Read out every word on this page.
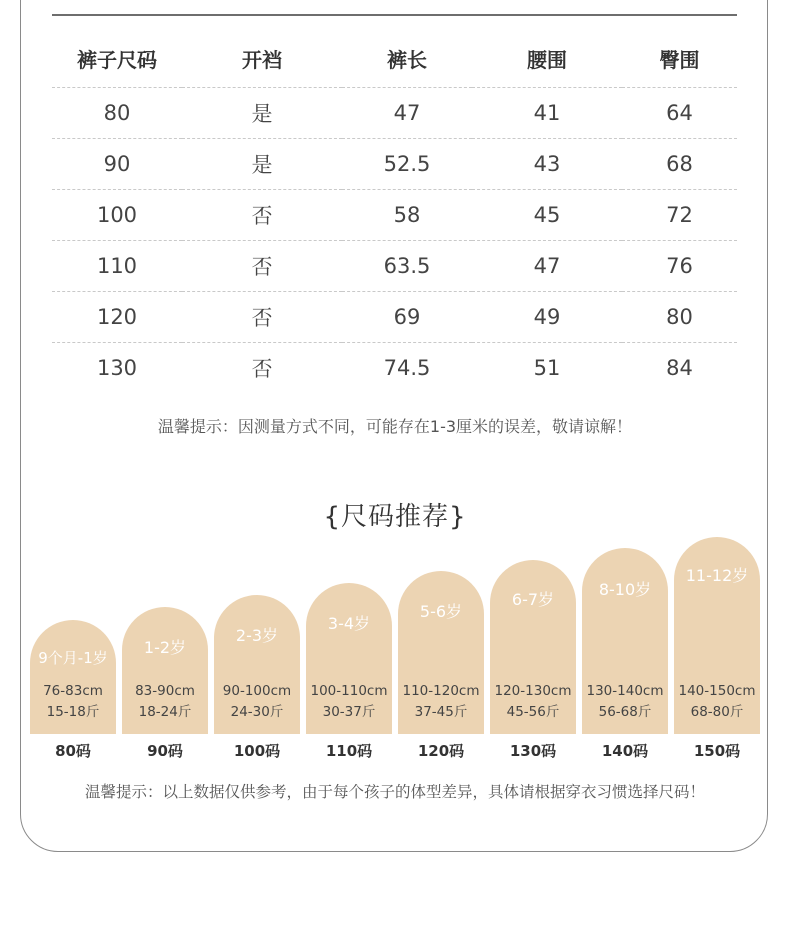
裤子尺码	开裆	裤长	腰围	臀围
80	是	47	41	64
90	是	52.5	43	68
100	否	58	45	72
110	否	63.5	47	76
120	否	69	49	80
130	否	74.5	51	84
温馨提示：因测量方式不同，可能存在1-3厘米的误差，敬请谅解！
{尺码推荐}
9个月-1岁
76-83cm
15-18斤
1-2岁
83-90cm
18-24斤
2-3岁
90-100cm
24-30斤
3-4岁
100-110cm
30-37斤
5-6岁
110-120cm
37-45斤
6-7岁
120-130cm
45-56斤
8-10岁
130-140cm
56-68斤
11-12岁
140-150cm
68-80斤
80码	90码	100码	110码	120码	130码	140码	150码
温馨提示：以上数据仅供参考，由于每个孩子的体型差异，具体请根据穿衣习惯选择尺码！
